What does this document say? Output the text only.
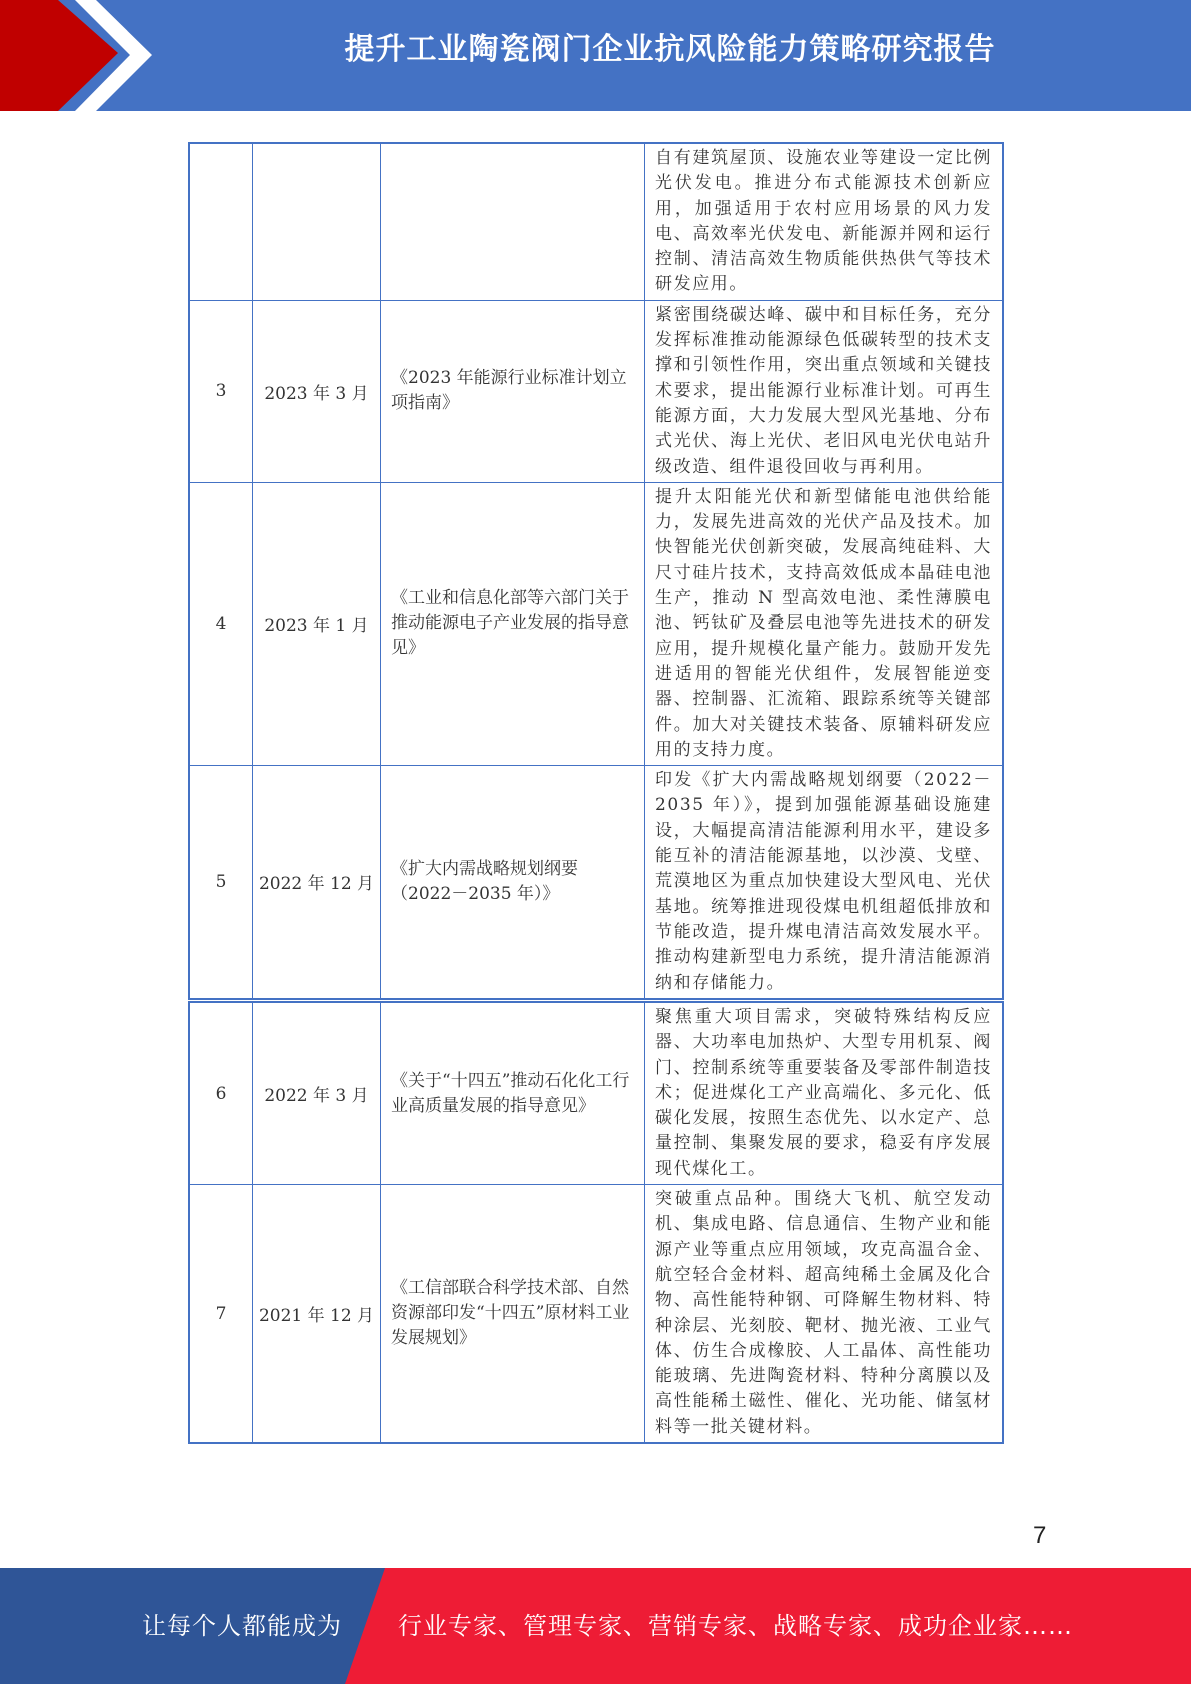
提升工业陶瓷阀门企业抗风险能力策略研究报告
			自有建筑屋顶、设施农业等建设一定比例光伏发电。推进分布式能源技术创新应用，加强适用于农村应用场景的风力发电、高效率光伏发电、新能源并网和运行控制、清洁高效生物质能供热供气等技术研发应用。
3	2023 年 3 月	《2023 年能源行业标准计划立项指南》	紧密围绕碳达峰、碳中和目标任务，充分发挥标准推动能源绿色低碳转型的技术支撑和引领性作用，突出重点领域和关键技术要求，提出能源行业标准计划。可再生能源方面，大力发展大型风光基地、分布式光伏、海上光伏、老旧风电光伏电站升级改造、组件退役回收与再利用。
4	2023 年 1 月	《工业和信息化部等六部门关于推动能源电子产业发展的指导意见》	提升太阳能光伏和新型储能电池供给能力，发展先进高效的光伏产品及技术。加快智能光伏创新突破，发展高纯硅料、大尺寸硅片技术，支持高效低成本晶硅电池生产，推动 N 型高效电池、柔性薄膜电池、钙钛矿及叠层电池等先进技术的研发应用，提升规模化量产能力。鼓励开发先进适用的智能光伏组件，发展智能逆变器、控制器、汇流箱、跟踪系统等关键部件。加大对关键技术装备、原辅料研发应用的支持力度。
5	2022 年 12 月	《扩大内需战略规划纲要（2022－2035 年）》	印发《扩大内需战略规划纲要（2022－2035 年）》，提到加强能源基础设施建设，大幅提高清洁能源利用水平，建设多能互补的清洁能源基地，以沙漠、戈壁、荒漠地区为重点加快建设大型风电、光伏基地。统筹推进现役煤电机组超低排放和节能改造，提升煤电清洁高效发展水平。推动构建新型电力系统，提升清洁能源消纳和存储能力。
6	2022 年 3 月	《关于“十四五”推动石化化工行业高质量发展的指导意见》	聚焦重大项目需求，突破特殊结构反应器、大功率电加热炉、大型专用机泵、阀门、控制系统等重要装备及零部件制造技术；促进煤化工产业高端化、多元化、低碳化发展，按照生态优先、以水定产、总量控制、集聚发展的要求，稳妥有序发展现代煤化工。
7	2021 年 12 月	《工信部联合科学技术部、自然资源部印发“十四五”原材料工业发展规划》	突破重点品种。围绕大飞机、航空发动机、集成电路、信息通信、生物产业和能源产业等重点应用领域，攻克高温合金、航空轻合金材料、超高纯稀土金属及化合物、高性能特种钢、可降解生物材料、特种涂层、光刻胶、靶材、抛光液、工业气体、仿生合成橡胶、人工晶体、高性能功能玻璃、先进陶瓷材料、特种分离膜以及高性能稀土磁性、催化、光功能、储氢材料等一批关键材料。
7
让每个人都能成为 行业专家、管理专家、营销专家、战略专家、成功企业家……
